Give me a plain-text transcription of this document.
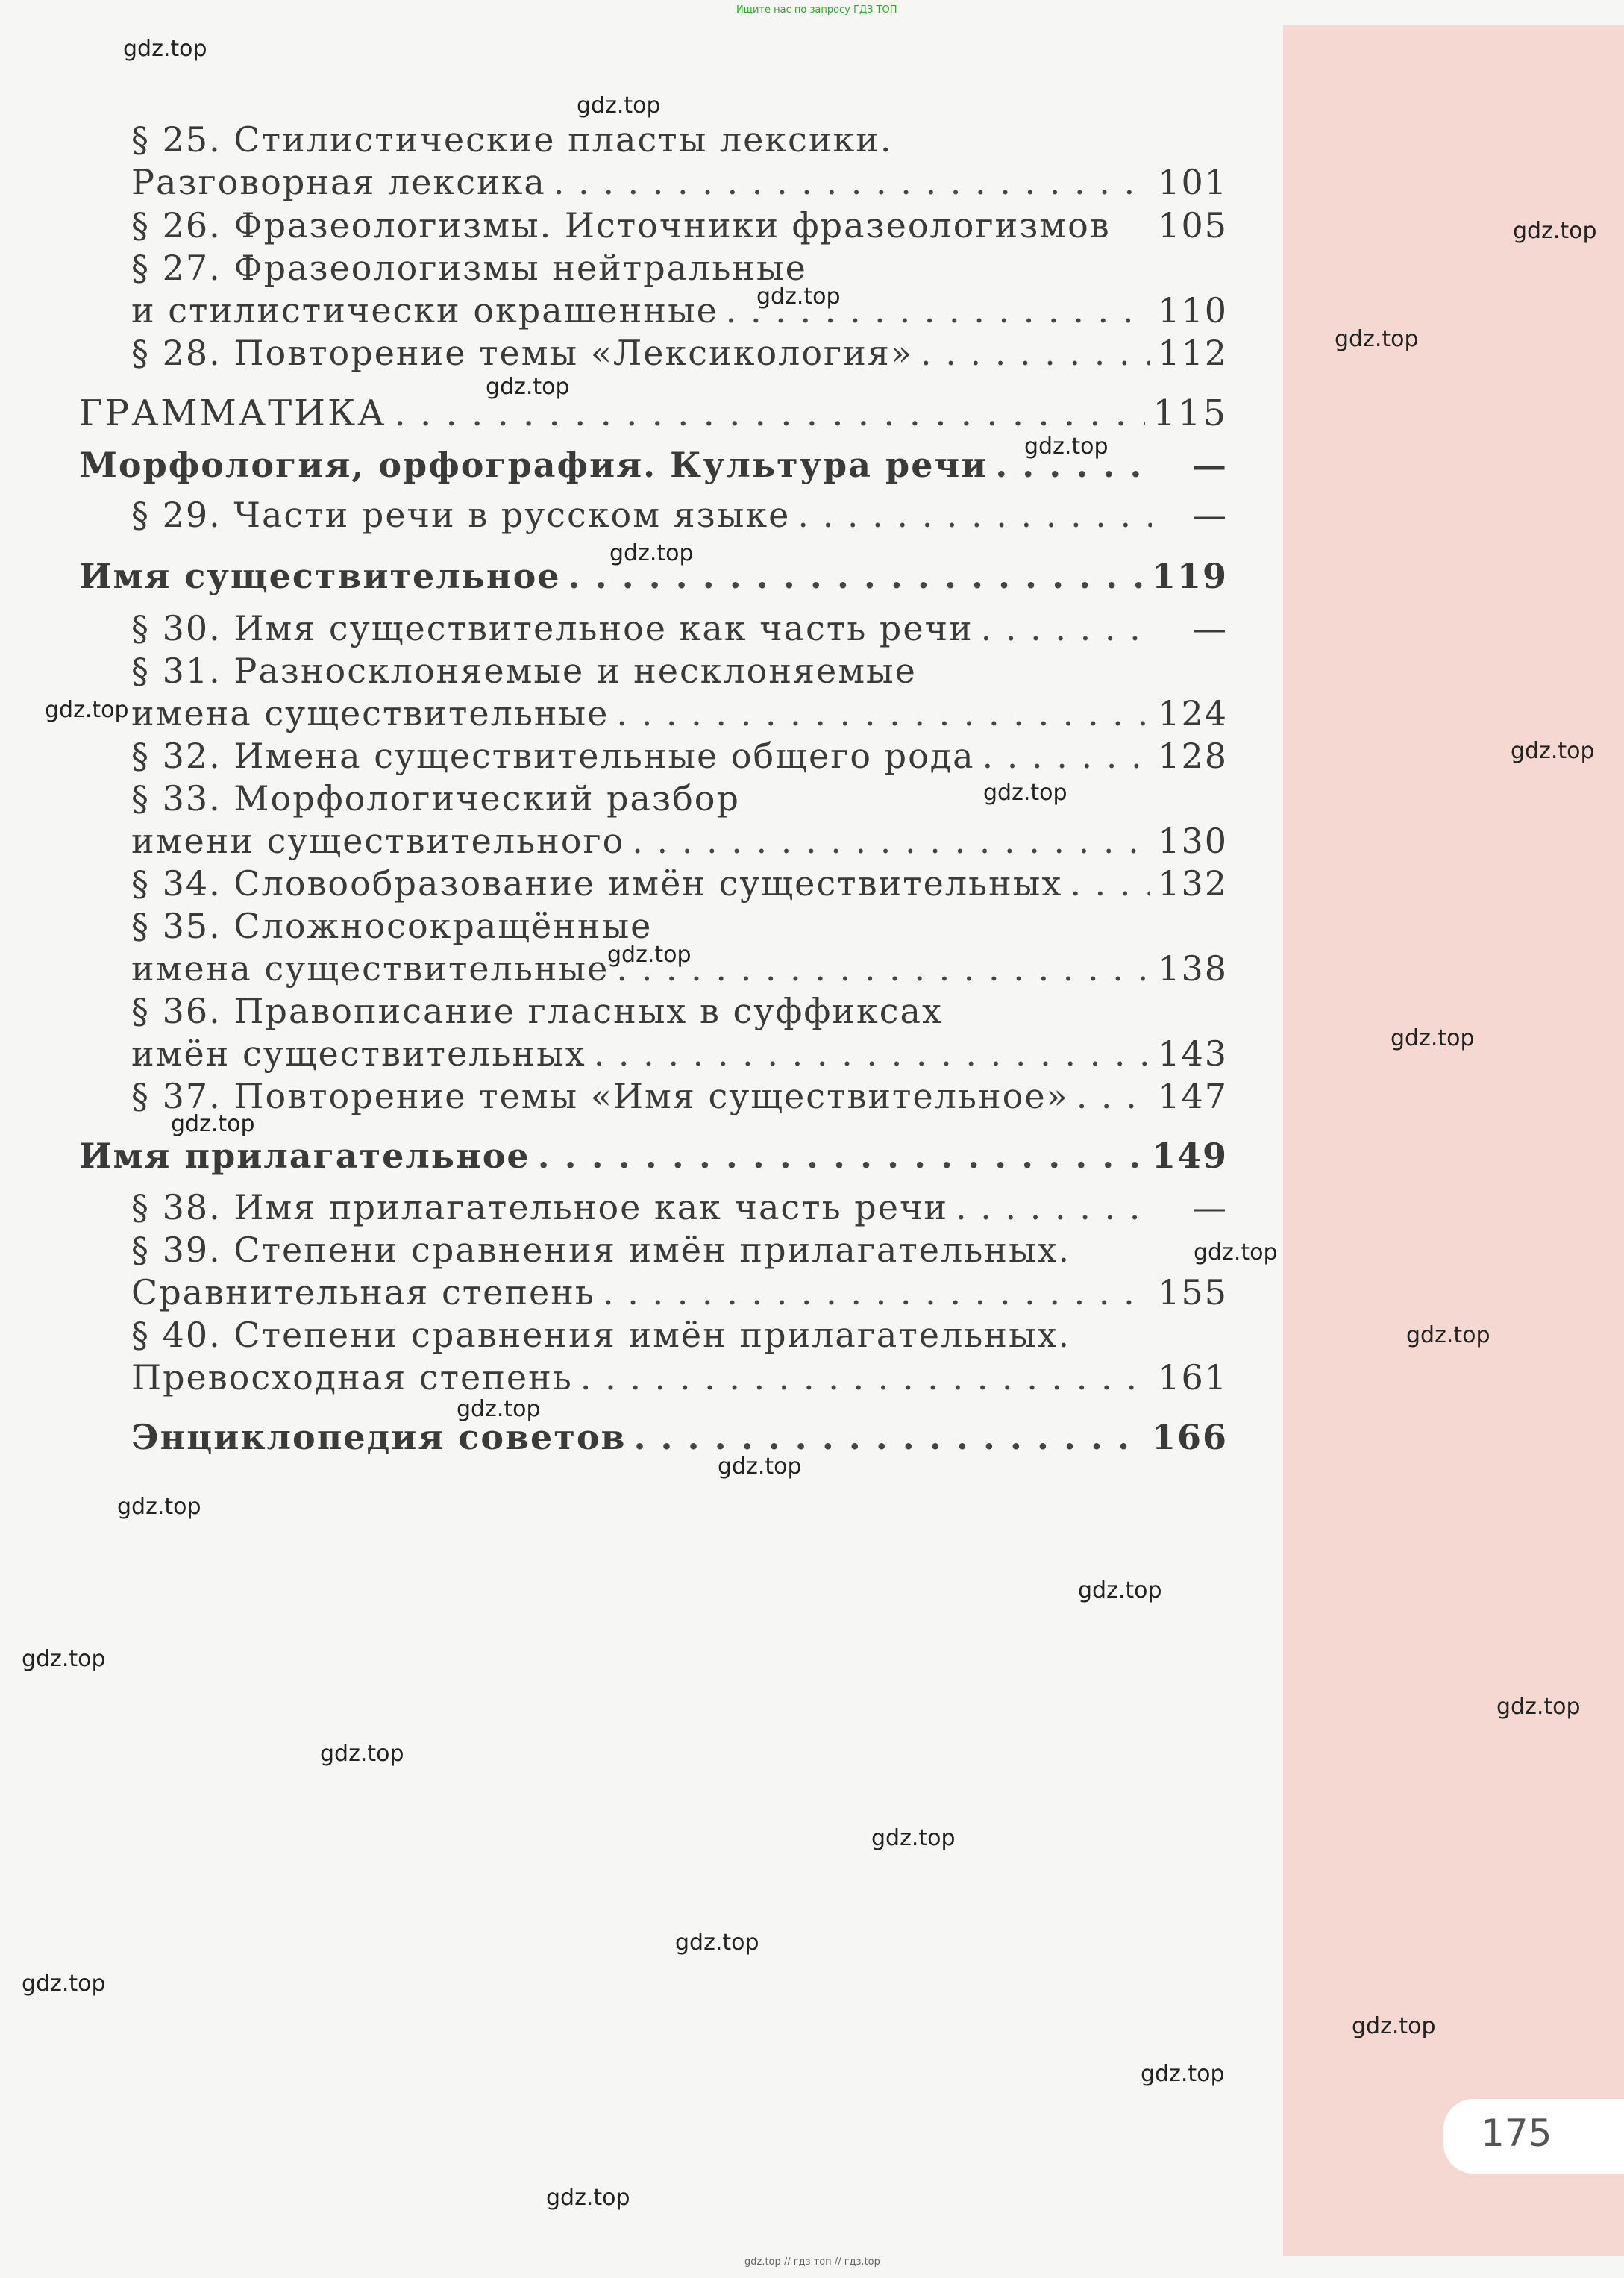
175
Ищите нас по запросу ГДЗ ТОП
gdz.top // гдз топ // гдз.top
§ 25. Стилистические пласты лексики.
Разговорная лексика . . .	101
§ 26. Фразеологизмы. Источники фразеологизмов 105
§ 27. Фразеологизмы нейтральные
и стилистически окрашенные . . .	110
§ 28. Повторение темы «Лексикология» . . .	112
ГРАММАТИКА . . .	115
Морфология, орфография. Культура речи . . .	—
§ 29. Части речи в русском языке . . .	—
Имя существительное . . .	119
§ 30. Имя существительное как часть речи . . .	—
§ 31. Разносклоняемые и несклоняемые
имена существительные . . .	124
§ 32. Имена существительные общего рода . . .	128
§ 33. Морфологический разбор
имени существительного . . .	130
§ 34. Словообразование имён существительных . . .	132
§ 35. Сложносокращённые
имена существительные . . .	138
§ 36. Правописание гласных в суффиксах
имён существительных . . .	143
§ 37. Повторение темы «Имя существительное» . . .	147
Имя прилагательное . . .	149
§ 38. Имя прилагательное как часть речи . . .	—
§ 39. Степени сравнения имён прилагательных.
Сравнительная степень . . .	155
§ 40. Степени сравнения имён прилагательных.
Превосходная степень . . .	161
Энциклопедия советов . . .	166
gdz.top
gdz.top
gdz.top
gdz.top
gdz.top
gdz.top
gdz.top
gdz.top
gdz.top
gdz.top
gdz.top
gdz.top
gdz.top
gdz.top
gdz.top
gdz.top
gdz.top
gdz.top
gdz.top
gdz.top
gdz.top
gdz.top
gdz.top
gdz.top
gdz.top
gdz.top
gdz.top
gdz.top
gdz.top
